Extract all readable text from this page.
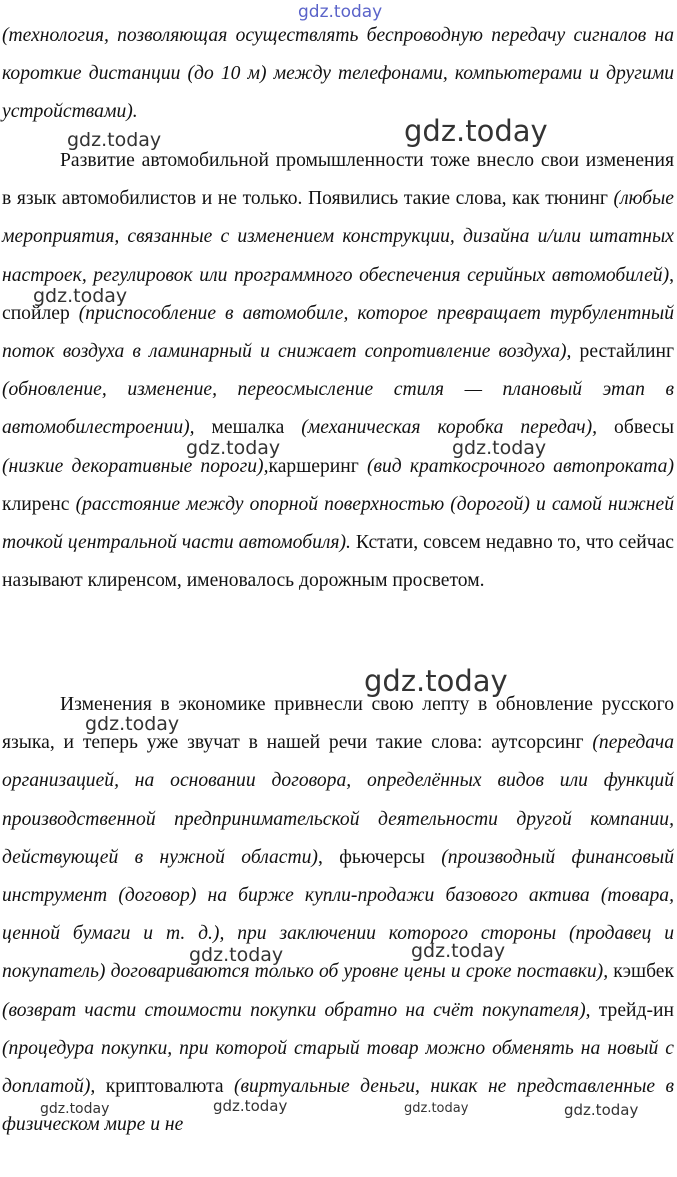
(технология, позволяющая осуществлять беспроводную передачу сигналов на короткие дистанции (до 10 м) между телефонами, компьютерами и другими устройствами).

Развитие автомобильной промышленности тоже внесло свои изменения в язык автомобилистов и не только. Появились такие слова, как тюнинг (любые мероприятия, связанные с изменением конструкции, дизайна и/или штатных настроек, регулировок или программного обеспечения серийных автомобилей), спойлер (приспособление в автомобиле, которое превращает турбулентный поток воздуха в ламинарный и снижает сопротивление воздуха), рестайлинг (обновление, изменение, переосмысление стиля — плановый этап в автомобилестроении), мешалка (механическая коробка передач), обвесы (низкие декоративные пороги),каршеринг (вид краткосрочного автопроката) клиренс (расстояние между опорной поверхностью (дорогой) и самой нижней точкой центральной части автомобиля). Кстати, совсем недавно то, что сейчас называют клиренсом, именовалось дорожным просветом.

Изменения в экономике привнесли свою лепту в обновление русского языка, и теперь уже звучат в нашей речи такие слова: аутсорсинг (передача организацией, на основании договора, определённых видов или функций производственной предпринимательской деятельности другой компании, действующей в нужной области), фьючерсы (производный финансовый инструмент (договор) на бирже купли-продажи базового актива (товара, ценной бумаги и т. д.), при заключении которого стороны (продавец и покупатель) договариваются только об уровне цены и сроке поставки), кэшбек (возврат части стоимости покупки обратно на счёт покупателя), трейд-ин (процедура покупки, при которой старый товар можно обменять на новый с доплатой), криптовалюта (виртуальные деньги, никак не представленные в физическом мире и не

gdz.today
gdz.today	gdz.today
gdz.today
gdz.today	gdz.today
gdz.today
gdz.today
gdz.today	gdz.today
gdz.today	gdz.today	gdz.today	gdz.today
